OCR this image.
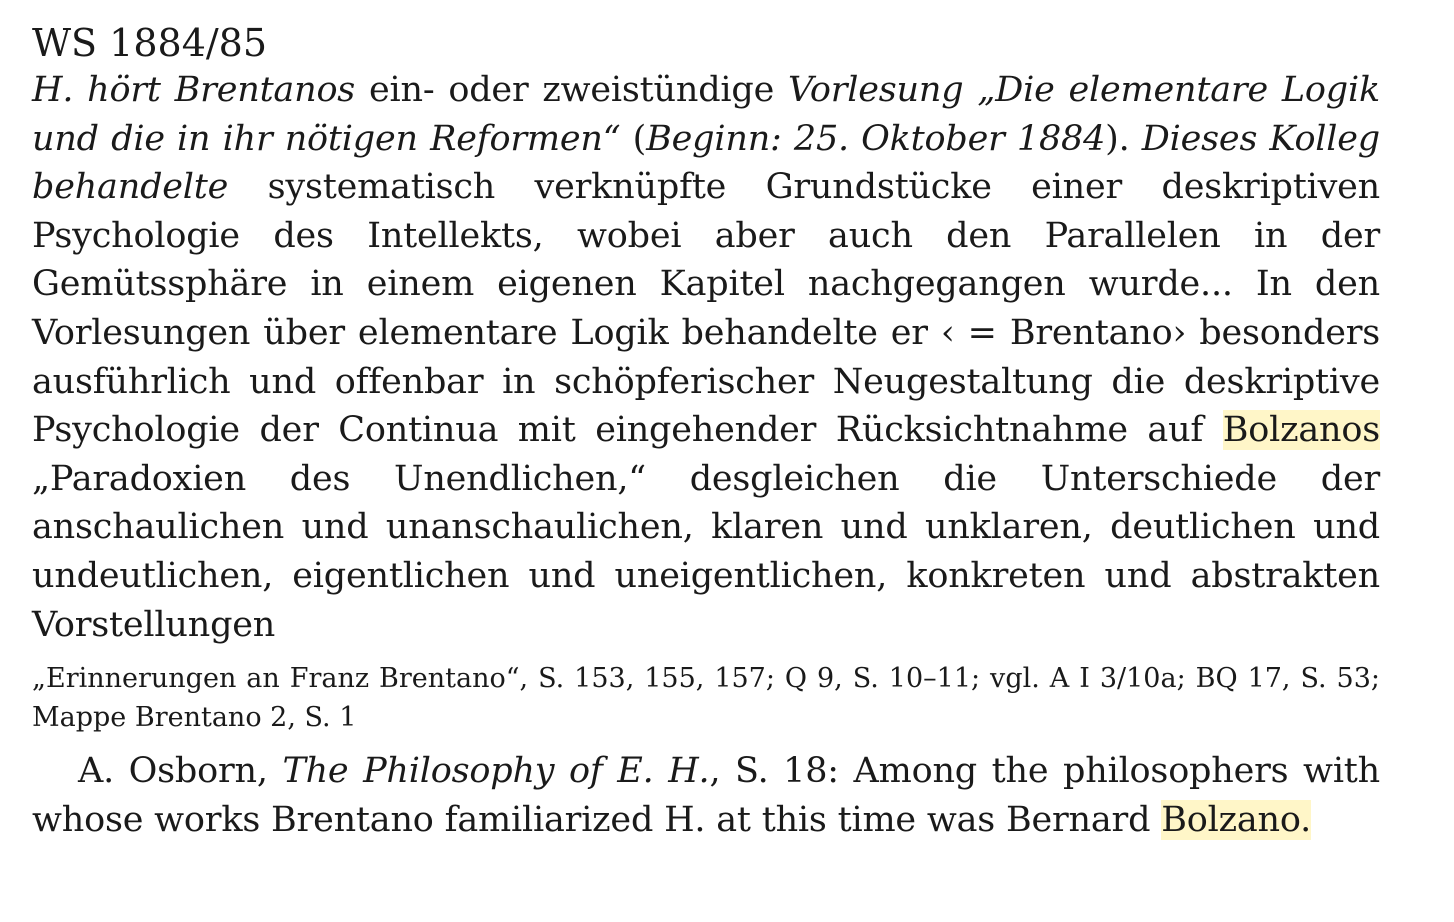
WS 1884/85

H. hört Brentanos ein- oder zweistündige Vorlesung „Die elementare Logik und die in ihr nötigen Reformen“ (Beginn: 25. Oktober 1884). Dieses Kolleg behandelte systematisch verknüpfte Grundstücke einer deskriptiven Psychologie des Intellekts, wobei aber auch den Parallelen in der Gemütssphäre in einem eigenen Kapitel nachgegangen wurde... In den Vorlesungen über elementare Logik behandelte er ‹ = Brentano› besonders ausführlich und offenbar in schöpferischer Neugestaltung die deskriptive Psychologie der Continua mit eingehender Rücksichtnahme auf Bolzanos „Paradoxien des Unendlichen,“ desgleichen die Unterschiede der anschaulichen und unanschaulichen, klaren und unklaren, deutlichen und undeutlichen, eigentlichen und uneigentlichen, konkreten und abstrakten Vorstellungen

„Erinnerungen an Franz Brentano“, S. 153, 155, 157; Q 9, S. 10–11; vgl. A I 3/10a; BQ 17, S. 53; Mappe Brentano 2, S. 1

A. Osborn, The Philosophy of E. H., S. 18: Among the philosophers with whose works Brentano familiarized H. at this time was Bernard Bolzano.
